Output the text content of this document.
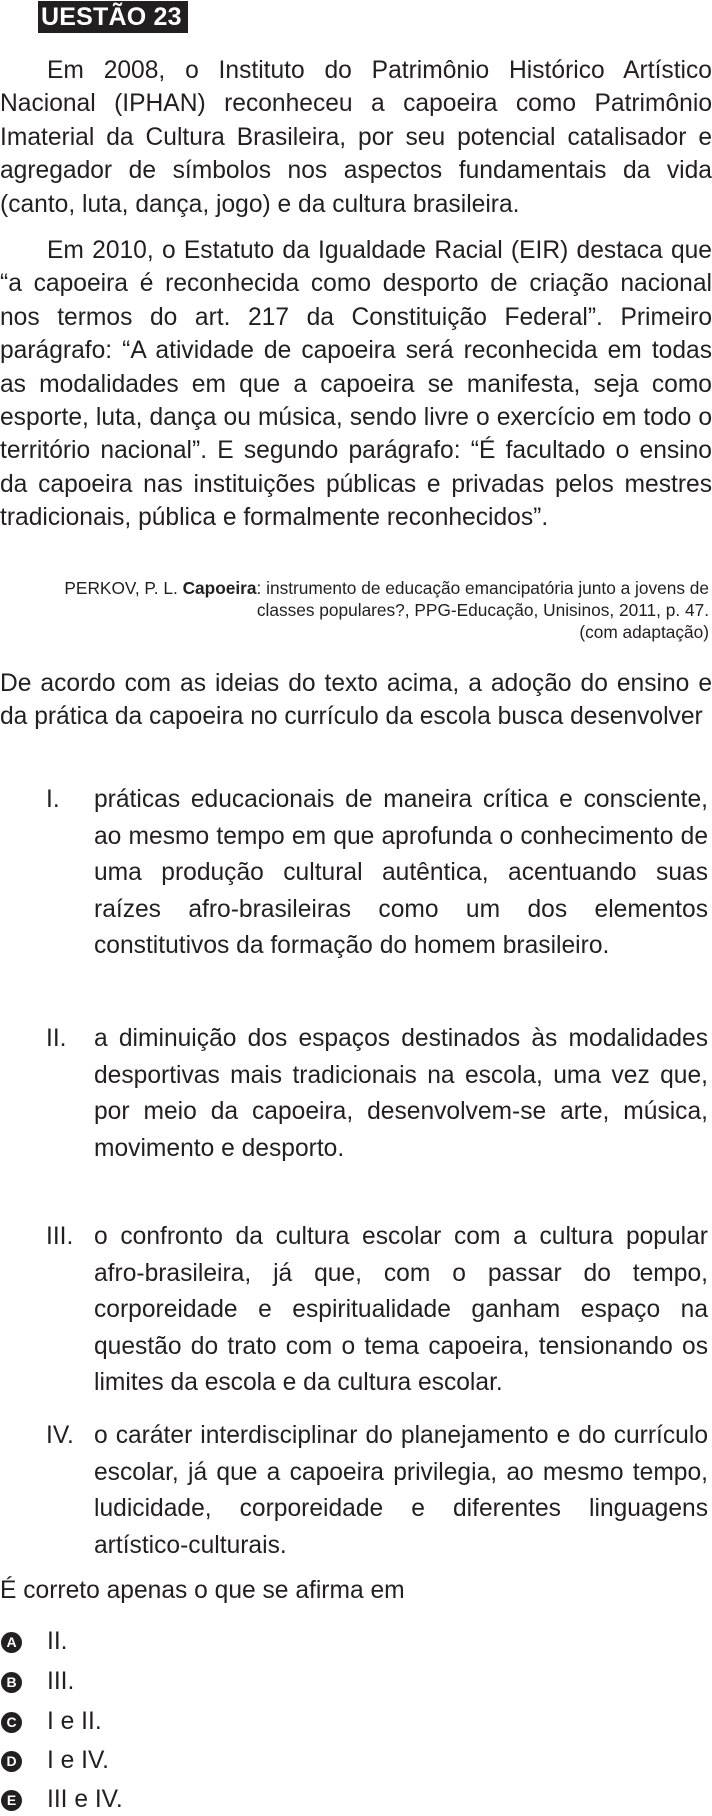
UESTÃO 23

Em 2008, o Instituto do Patrimônio Histórico Artístico Nacional (IPHAN) reconheceu a capoeira como Patrimônio Imaterial da Cultura Brasileira, por seu potencial catalisador e agregador de símbolos nos aspectos fundamentais da vida (canto, luta, dança, jogo) e da cultura brasileira.

Em 2010, o Estatuto da Igualdade Racial (EIR) destaca que “a capoeira é reconhecida como desporto de criação nacional nos termos do art. 217 da Constituição Federal”. Primeiro parágrafo: “A atividade de capoeira será reconhecida em todas as modalidades em que a capoeira se manifesta, seja como esporte, luta, dança ou música, sendo livre o exercício em todo o território nacional”. E segundo parágrafo: “É facultado o ensino da capoeira nas instituições públicas e privadas pelos mestres tradicionais, pública e formalmente reconhecidos”.

PERKOV, P. L. Capoeira: instrumento de educação emancipatória junto a jovens de classes populares?, PPG-Educação, Unisinos, 2011, p. 47.
(com adaptação)

De acordo com as ideias do texto acima, a adoção do ensino e da prática da capoeira no currículo da escola busca desenvolver

I. práticas educacionais de maneira crítica e consciente, ao mesmo tempo em que aprofunda o conhecimento de uma produção cultural autêntica, acentuando suas raízes afro-brasileiras como um dos elementos constitutivos da formação do homem brasileiro.

II. a diminuição dos espaços destinados às modalidades desportivas mais tradicionais na escola, uma vez que, por meio da capoeira, desenvolvem-se arte, música, movimento e desporto.

III. o confronto da cultura escolar com a cultura popular afro-brasileira, já que, com o passar do tempo, corporeidade e espiritualidade ganham espaço na questão do trato com o tema capoeira, tensionando os limites da escola e da cultura escolar.

IV. o caráter interdisciplinar do planejamento e do currículo escolar, já que a capoeira privilegia, ao mesmo tempo, ludicidade, corporeidade e diferentes linguagens artístico-culturais.

É correto apenas o que se afirma em

A II.
B III.
C I e II.
D I e IV.
E III e IV.
